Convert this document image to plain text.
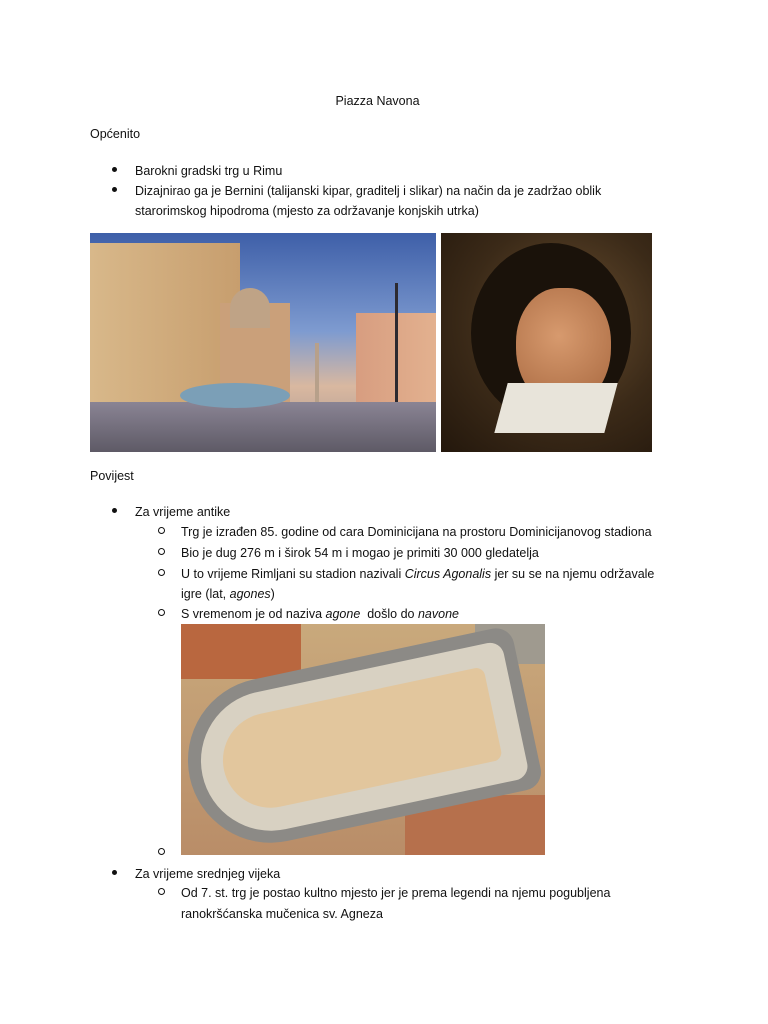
Piazza Navona
Općenito
Barokni gradski trg u Rimu
Dizajnirao ga je Bernini (talijanski kipar, graditelj i slikar) na način da je zadržao oblik
starorimskog hipodroma (mjesto za održavanje konjskih utrka)
Povijest
Za vrijeme antike
Trg je izrađen 85. godine od cara Dominicijana na prostoru Dominicijanovog stadiona
Bio je dug 276 m i širok 54 m i mogao je primiti 30 000 gledatelja
U to vrijeme Rimljani su stadion nazivali Circus Agonalis jer su se na njemu održavale
igre (lat, agones)
S vremenom je od naziva agone  došlo do navone
Za vrijeme srednjeg vijeka
Od 7. st. trg je postao kultno mjesto jer je prema legendi na njemu pogubljena
ranokršćanska mučenica sv. Agneza
